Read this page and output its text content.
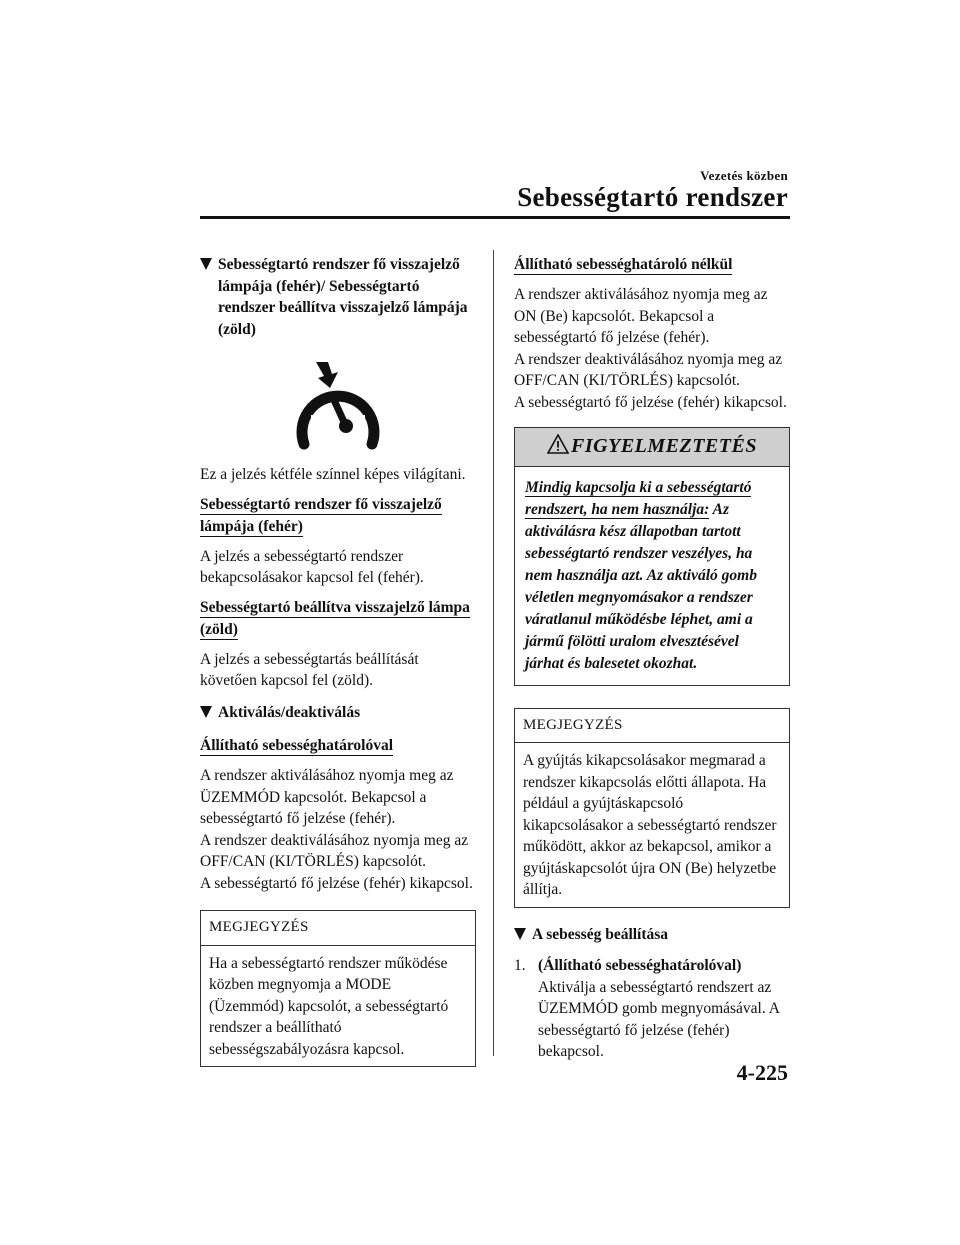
Vezetés közben
Sebességtartó rendszer
Sebességtartó rendszer fő visszajelző lámpája (fehér)/ Sebességtartó rendszer beállítva visszajelző lámpája (zöld)
Ez a jelzés kétféle színnel képes világítani.
Sebességtartó rendszer fő visszajelző lámpája (fehér)
A jelzés a sebességtartó rendszer bekapcsolásakor kapcsol fel (fehér).
Sebességtartó beállítva visszajelző lámpa (zöld)
A jelzés a sebességtartás beállítását követően kapcsol fel (zöld).
Aktiválás/deaktiválás
Állítható sebességhatárolóval
A rendszer aktiválásához nyomja meg az ÜZEMMÓD kapcsolót. Bekapcsol a sebességtartó fő jelzése (fehér).
A rendszer deaktiválásához nyomja meg az OFF/CAN (KI/TÖRLÉS) kapcsolót.
A sebességtartó fő jelzése (fehér) kikapcsol.
MEGJEGYZÉS
Ha a sebességtartó rendszer működése közben megnyomja a MODE (Üzemmód) kapcsolót, a sebességtartó rendszer a beállítható sebességszabályozásra kapcsol.
Állítható sebességhatároló nélkül
A rendszer aktiválásához nyomja meg az ON (Be) kapcsolót. Bekapcsol a sebességtartó fő jelzése (fehér).
A rendszer deaktiválásához nyomja meg az OFF/CAN (KI/TÖRLÉS) kapcsolót.
A sebességtartó fő jelzése (fehér) kikapcsol.
FIGYELMEZTETÉS
Mindig kapcsolja ki a sebességtartó rendszert, ha nem használja: Az aktiválásra kész állapotban tartott sebességtartó rendszer veszélyes, ha nem használja azt. Az aktiváló gomb véletlen megnyomásakor a rendszer váratlanul működésbe léphet, ami a jármű fölötti uralom elvesztésével járhat és balesetet okozhat.
MEGJEGYZÉS
A gyújtás kikapcsolásakor megmarad a rendszer kikapcsolás előtti állapota. Ha például a gyújtáskapcsoló kikapcsolásakor a sebességtartó rendszer működött, akkor az bekapcsol, amikor a gyújtáskapcsolót újra ON (Be) helyzetbe állítja.
A sebesség beállítása
1. (Állítható sebességhatárolóval)
Aktiválja a sebességtartó rendszert az ÜZEMMÓD gomb megnyomásával. A sebességtartó fő jelzése (fehér) bekapcsol.
4-225
